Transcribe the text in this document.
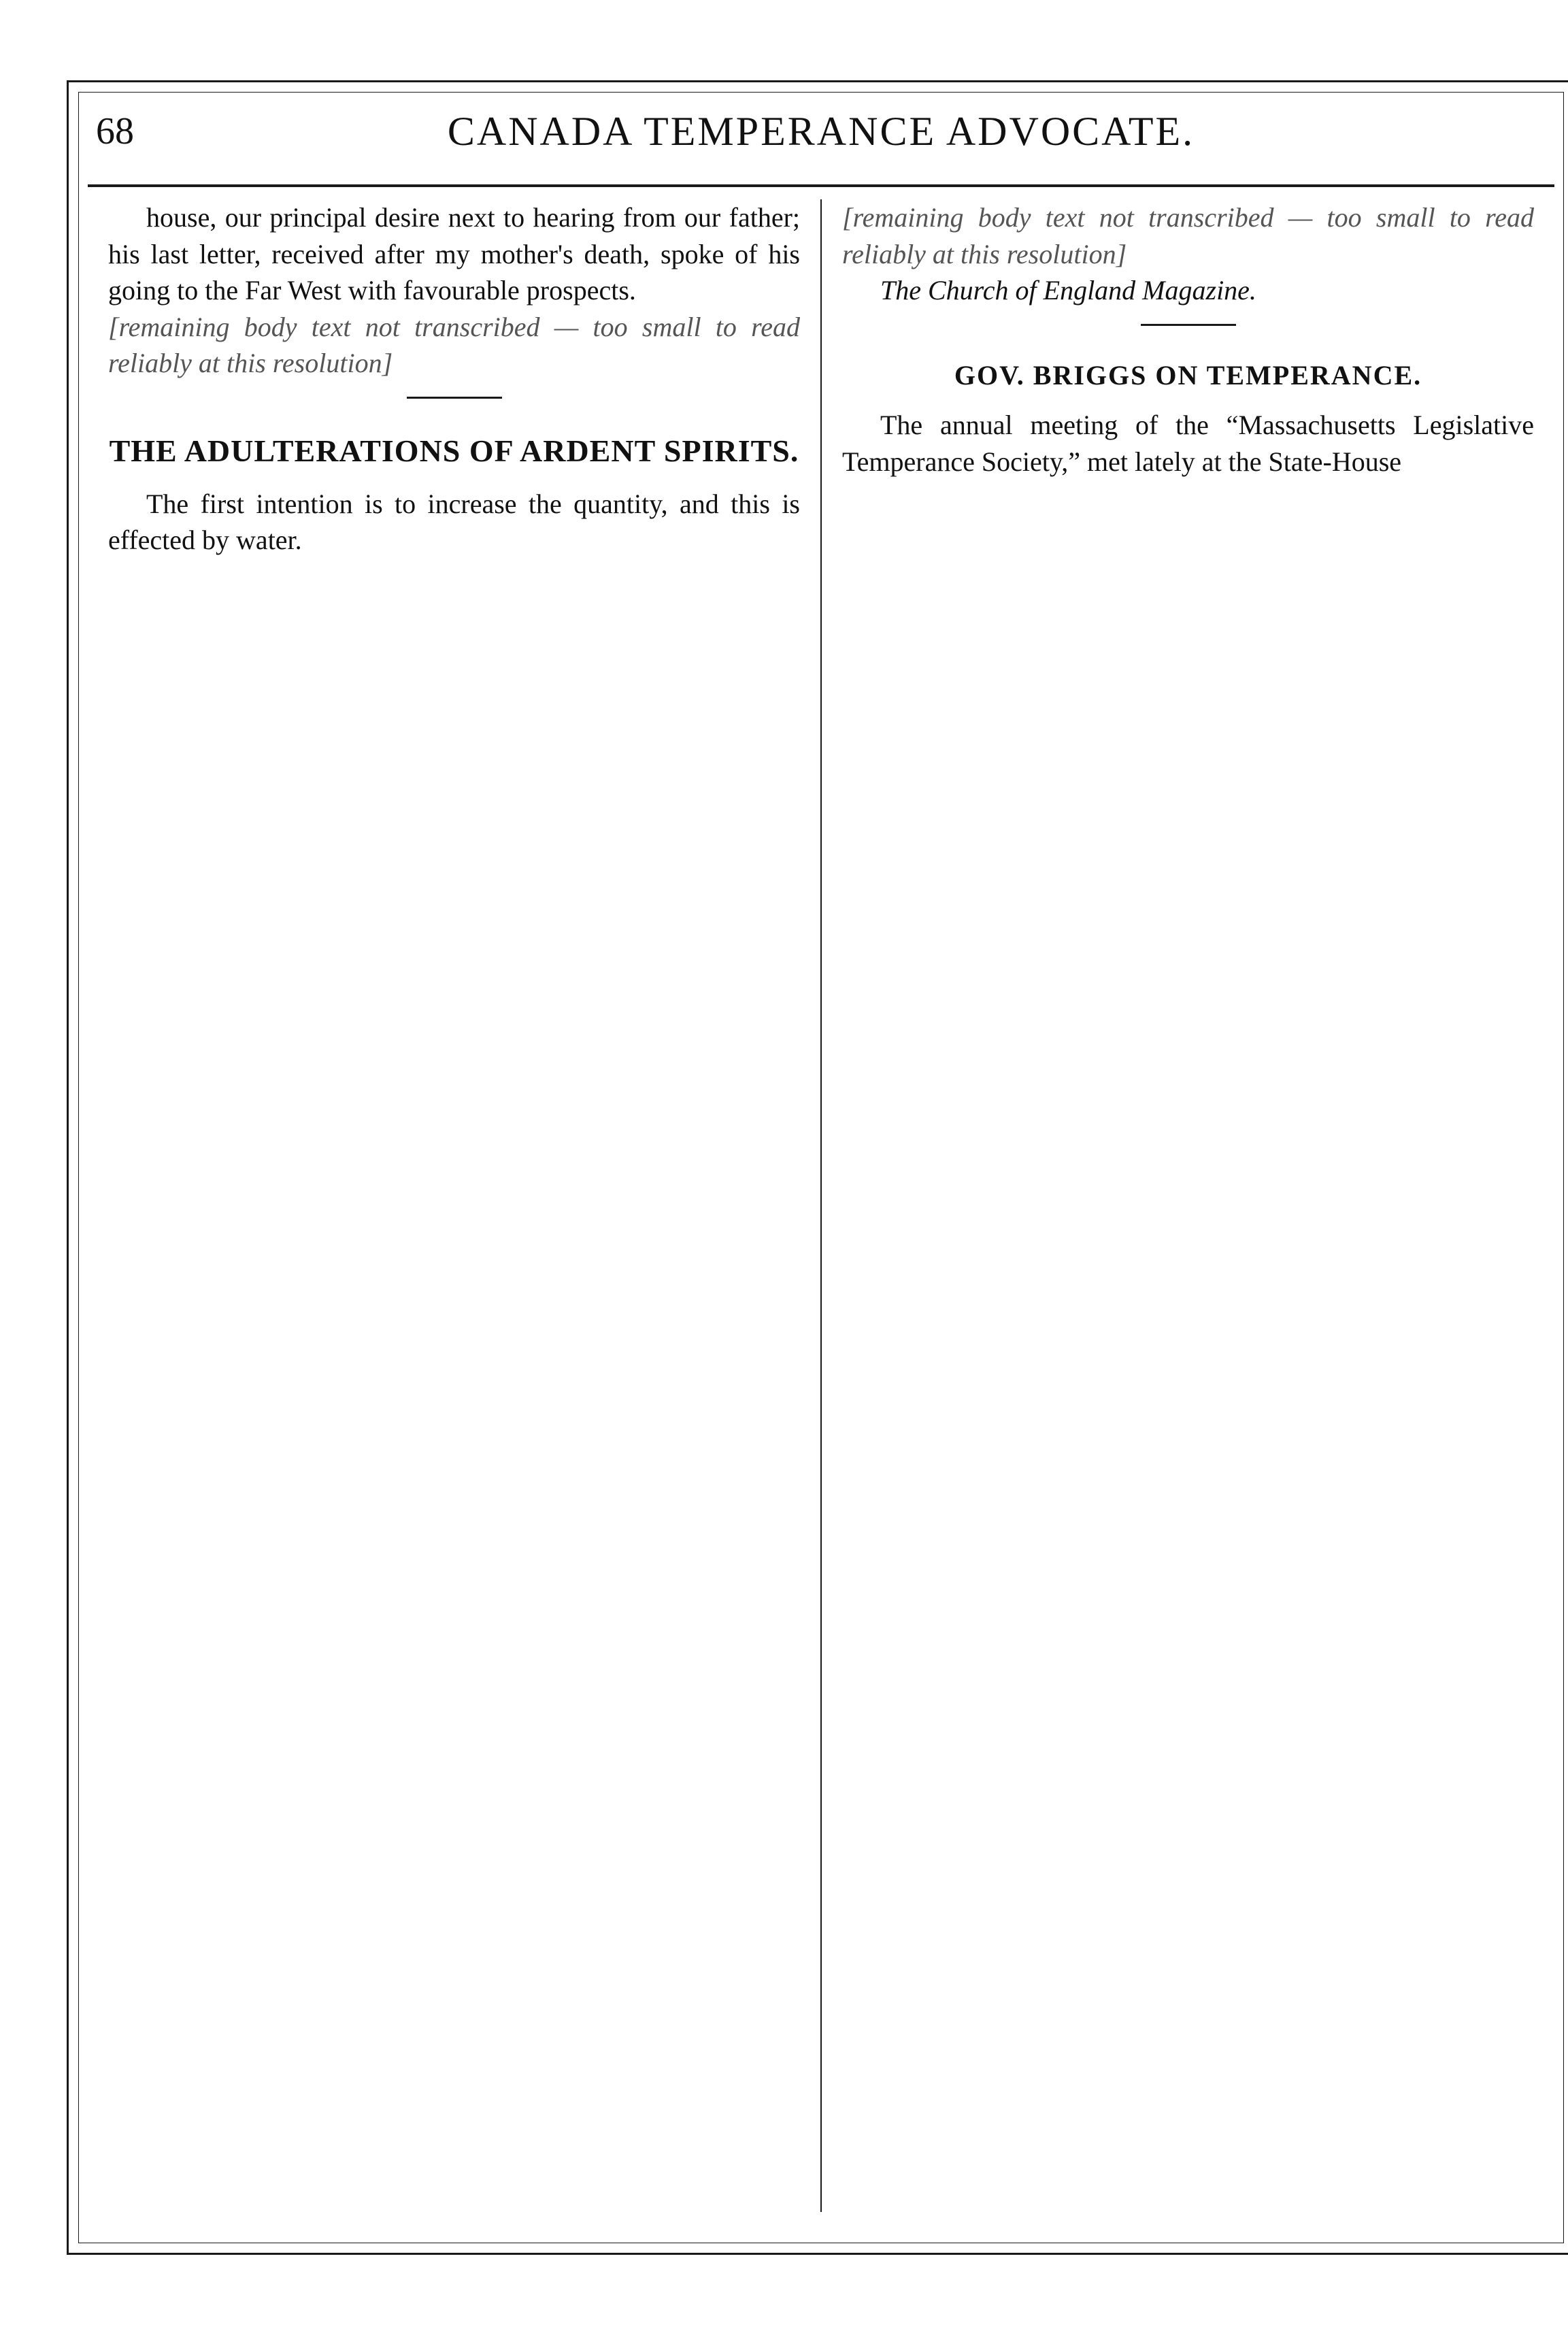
68	CANADA TEMPERANCE ADVOCATE.

house, our principal desire next to hearing from our father; his last letter, received after my mother's death, spoke of his going to the Far West with favourable prospects.

[remaining body text not transcribed — too small to read reliably at this resolution]

THE ADULTERATIONS OF ARDENT SPIRITS.

The first intention is to increase the quantity, and this is effected by water.

[remaining body text not transcribed — too small to read reliably at this resolution]

The Church of England Magazine.

GOV. BRIGGS ON TEMPERANCE.

The annual meeting of the “Massachusetts Legislative Temperance Society,” met lately at the State-House
